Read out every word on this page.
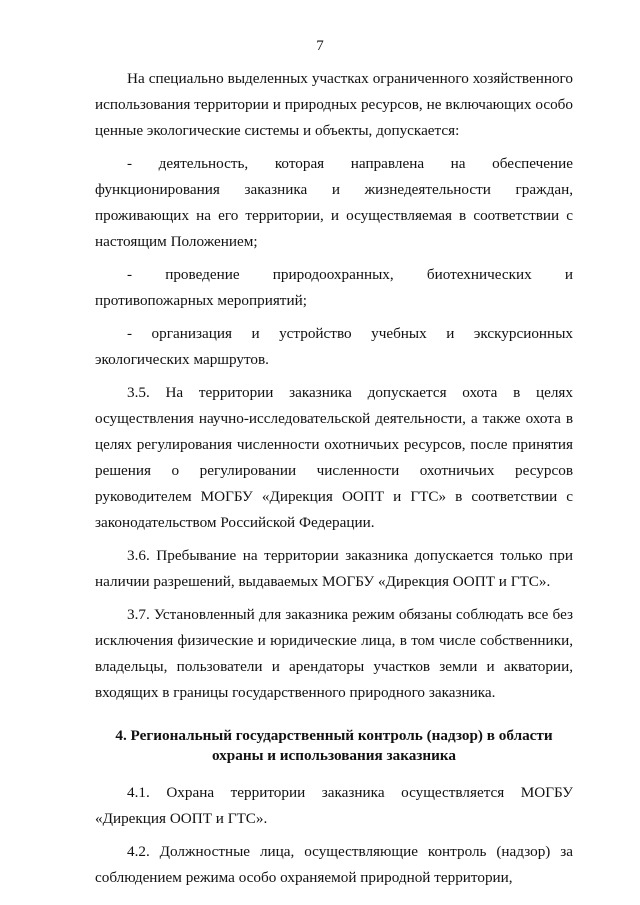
7

На специально выделенных участках ограниченного хозяйственного использования территории и природных ресурсов, не включающих особо ценные экологические системы и объекты, допускается:

- деятельность, которая направлена на обеспечение функционирования заказника и жизнедеятельности граждан, проживающих на его территории, и осуществляемая в соответствии с настоящим Положением;

- проведение природоохранных, биотехнических и противопожарных мероприятий;

- организация и устройство учебных и экскурсионных экологических маршрутов.

3.5. На территории заказника допускается охота в целях осуществления научно-исследовательской деятельности, а также охота в целях регулирования численности охотничьих ресурсов, после принятия решения о регулировании численности охотничьих ресурсов руководителем МОГБУ «Дирекция ООПТ и ГТС» в соответствии с законодательством Российской Федерации.

3.6. Пребывание на территории заказника допускается только при наличии разрешений, выдаваемых МОГБУ «Дирекция ООПТ и ГТС».

3.7. Установленный для заказника режим обязаны соблюдать все без исключения физические и юридические лица, в том числе собственники, владельцы, пользователи и арендаторы участков земли и акватории, входящих в границы государственного природного заказника.

4. Региональный государственный контроль (надзор) в области
охраны и использования заказника

4.1. Охрана территории заказника осуществляется МОГБУ «Дирекция ООПТ и ГТС».

4.2. Должностные лица, осуществляющие контроль (надзор) за соблюдением режима особо охраняемой природной территории,
